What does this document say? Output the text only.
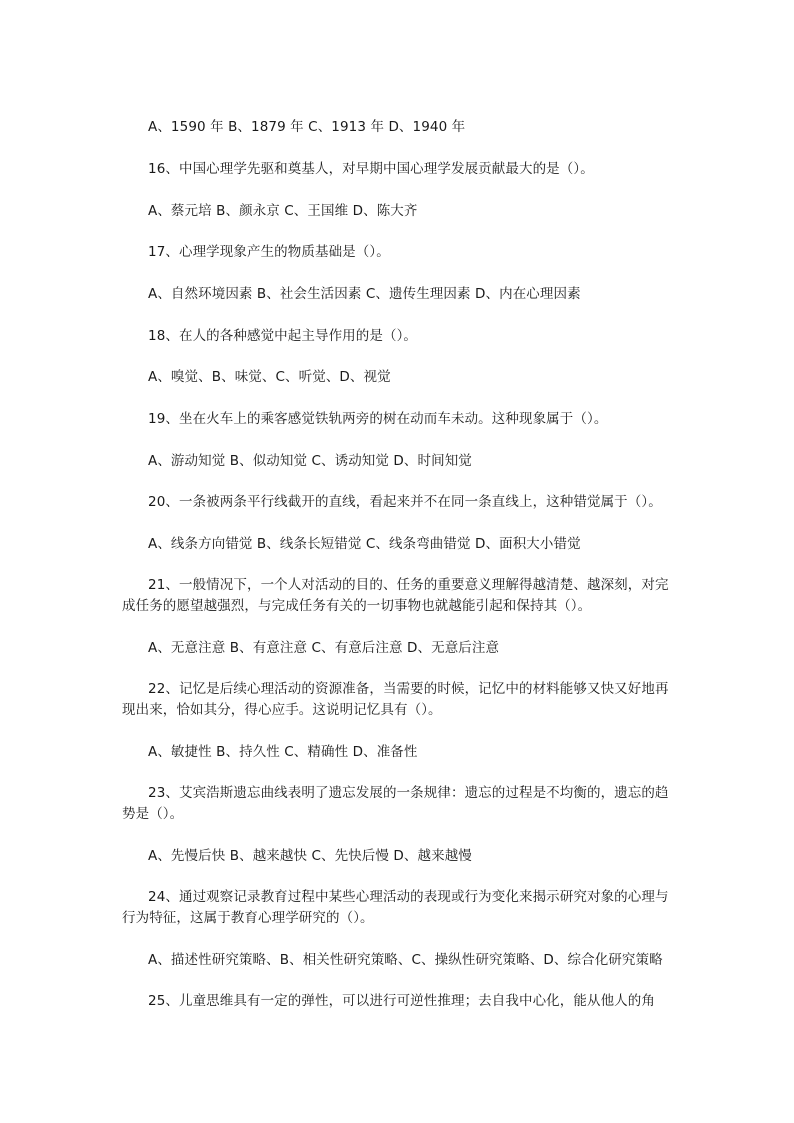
A、1590 年 B、1879 年 C、1913 年 D、1940 年

16、中国心理学先驱和奠基人，对早期中国心理学发展贡献最大的是（）。

A、蔡元培 B、颜永京 C、王国维 D、陈大齐

17、心理学现象产生的物质基础是（）。

A、自然环境因素 B、社会生活因素 C、遗传生理因素 D、内在心理因素

18、在人的各种感觉中起主导作用的是（）。

A、嗅觉、B、味觉、C、听觉、D、视觉

19、坐在火车上的乘客感觉铁轨两旁的树在动而车未动。这种现象属于（）。

A、游动知觉 B、似动知觉 C、诱动知觉 D、时间知觉

20、一条被两条平行线截开的直线，看起来并不在同一条直线上，这种错觉属于（）。

A、线条方向错觉 B、线条长短错觉 C、线条弯曲错觉 D、面积大小错觉

21、一般情况下，一个人对活动的目的、任务的重要意义理解得越清楚、越深刻，对完成任务的愿望越强烈，与完成任务有关的一切事物也就越能引起和保持其（）。

A、无意注意 B、有意注意 C、有意后注意 D、无意后注意

22、记忆是后续心理活动的资源准备，当需要的时候，记忆中的材料能够又快又好地再现出来，恰如其分，得心应手。这说明记忆具有（）。

A、敏捷性 B、持久性 C、精确性 D、准备性

23、艾宾浩斯遗忘曲线表明了遗忘发展的一条规律：遗忘的过程是不均衡的，遗忘的趋势是（）。

A、先慢后快 B、越来越快 C、先快后慢 D、越来越慢

24、通过观察记录教育过程中某些心理活动的表现或行为变化来揭示研究对象的心理与行为特征，这属于教育心理学研究的（）。

A、描述性研究策略、B、相关性研究策略、C、操纵性研究策略、D、综合化研究策略

25、儿童思维具有一定的弹性，可以进行可逆性推理；去自我中心化，能从他人的角
